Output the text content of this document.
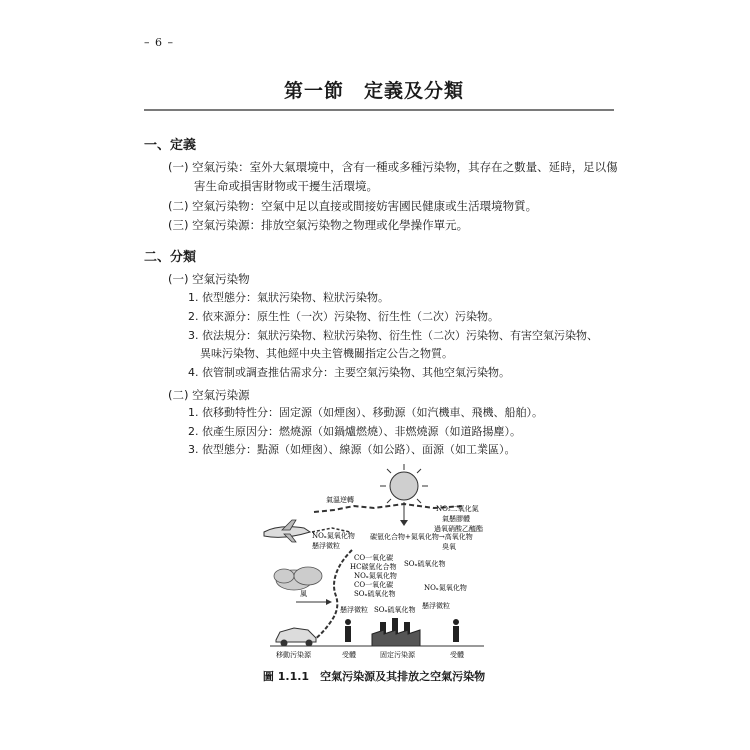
– 6 –
第一節　定義及分類
一、定義
(一) 空氣污染：室外大氣環境中，含有一種或多種污染物，其存在之數量、延時，足以傷
害生命或損害財物或干擾生活環境。
(二) 空氣污染物：空氣中足以直接或間接妨害國民健康或生活環境物質。
(三) 空氣污染源：排放空氣污染物之物理或化學操作單元。
二、分類
(一) 空氣污染物
1. 依型態分：氣狀污染物、粒狀污染物。
2. 依來源分：原生性（一次）污染物、衍生性（二次）污染物。
3. 依法規分：氣狀污染物、粒狀污染物、衍生性（二次）污染物、有害空氣污染物、
異味污染物、其他經中央主管機關指定公告之物質。
4. 依管制或調查推估需求分：主要空氣污染物、其他空氣污染物。
(二) 空氣污染源
1. 依移動特性分：固定源（如煙囪）、移動源（如汽機車、飛機、船舶）。
2. 依產生原因分：燃燒源（如鍋爐燃燒）、非燃燒源（如道路揚塵）。
3. 依型態分：點源（如煙囪）、線源（如公路）、面源（如工業區）。
氣溫逆轉
NO₂二氧化氮
氣懸膠體
過氧硝酸乙醯酯
碳氫化合物+氮氧化物→高氧化物
臭氧
NOₓ氮氧化物
懸浮微粒
CO一氧化碳
HC碳氫化合物
NOₓ氮氧化物
CO一氧化碳
SOₓ硫氧化物
SOₓ硫氧化物
NOₓ氮氧化物
懸浮微粒
風
懸浮微粒 SOₓ硫氧化物
移動污染源	受體	固定污染源	受體
圖 1.1.1　空氣污染源及其排放之空氣污染物
